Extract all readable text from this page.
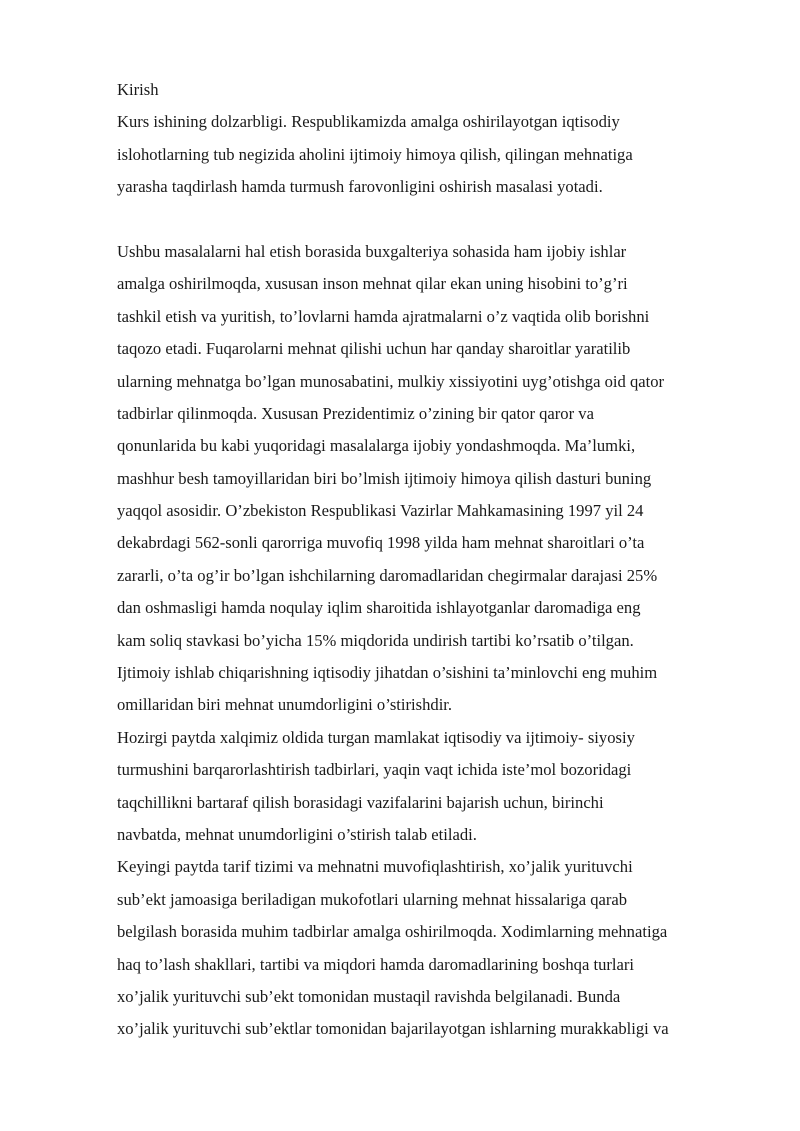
Kirish
Kurs ishining dolzarbligi. Respublikamizda amalga oshirilayotgan iqtisodiy
islohotlarning tub negizida aholini ijtimoiy himoya qilish, qilingan mehnatiga
yarasha taqdirlash hamda turmush farovonligini oshirish masalasi yotadi.
Ushbu masalalarni hal etish borasida buxgalteriya sohasida ham ijobiy ishlar
amalga oshirilmoqda, xususan inson mehnat qilar ekan uning hisobini to’g’ri
tashkil etish va yuritish, to’lovlarni hamda ajratmalarni o’z vaqtida olib borishni
taqozo etadi. Fuqarolarni mehnat qilishi uchun har qanday sharoitlar yaratilib
ularning mehnatga bo’lgan munosabatini, mulkiy xissiyotini uyg’otishga oid qator
tadbirlar qilinmoqda. Xususan Prezidentimiz o’zining bir qator qaror va
qonunlarida bu kabi yuqoridagi masalalarga ijobiy yondashmoqda. Ma’lumki,
mashhur besh tamoyillaridan biri bo’lmish ijtimoiy himoya qilish dasturi buning
yaqqol asosidir. O’zbekiston Respublikasi Vazirlar Mahkamasining 1997 yil 24
dekabrdagi 562-sonli qarorriga muvofiq 1998 yilda ham mehnat sharoitlari o’ta
zararli, o’ta og’ir bo’lgan ishchilarning daromadlaridan chegirmalar darajasi 25%
dan oshmasligi hamda noqulay iqlim sharoitida ishlayotganlar daromadiga eng
kam soliq stavkasi bo’yicha 15% miqdorida undirish tartibi ko’rsatib o’tilgan.
Ijtimoiy ishlab chiqarishning iqtisodiy jihatdan o’sishini ta’minlovchi eng muhim
omillaridan biri mehnat unumdorligini o’stirishdir.
Hozirgi paytda xalqimiz oldida turgan mamlakat iqtisodiy va ijtimoiy- siyosiy
turmushini barqarorlashtirish tadbirlari, yaqin vaqt ichida iste’mol bozoridagi
taqchillikni bartaraf qilish borasidagi vazifalarini bajarish uchun, birinchi
navbatda, mehnat unumdorligini o’stirish talab etiladi.
Keyingi paytda tarif tizimi va mehnatni muvofiqlashtirish, xo’jalik yurituvchi
sub’ekt jamoasiga beriladigan mukofotlari ularning mehnat hissalariga qarab
belgilash borasida muhim tadbirlar amalga oshirilmoqda. Xodimlarning mehnatiga
haq to’lash shakllari, tartibi va miqdori hamda daromadlarining boshqa turlari
xo’jalik yurituvchi sub’ekt tomonidan mustaqil ravishda belgilanadi. Bunda
xo’jalik yurituvchi sub’ektlar tomonidan bajarilayotgan ishlarning murakkabligi va
